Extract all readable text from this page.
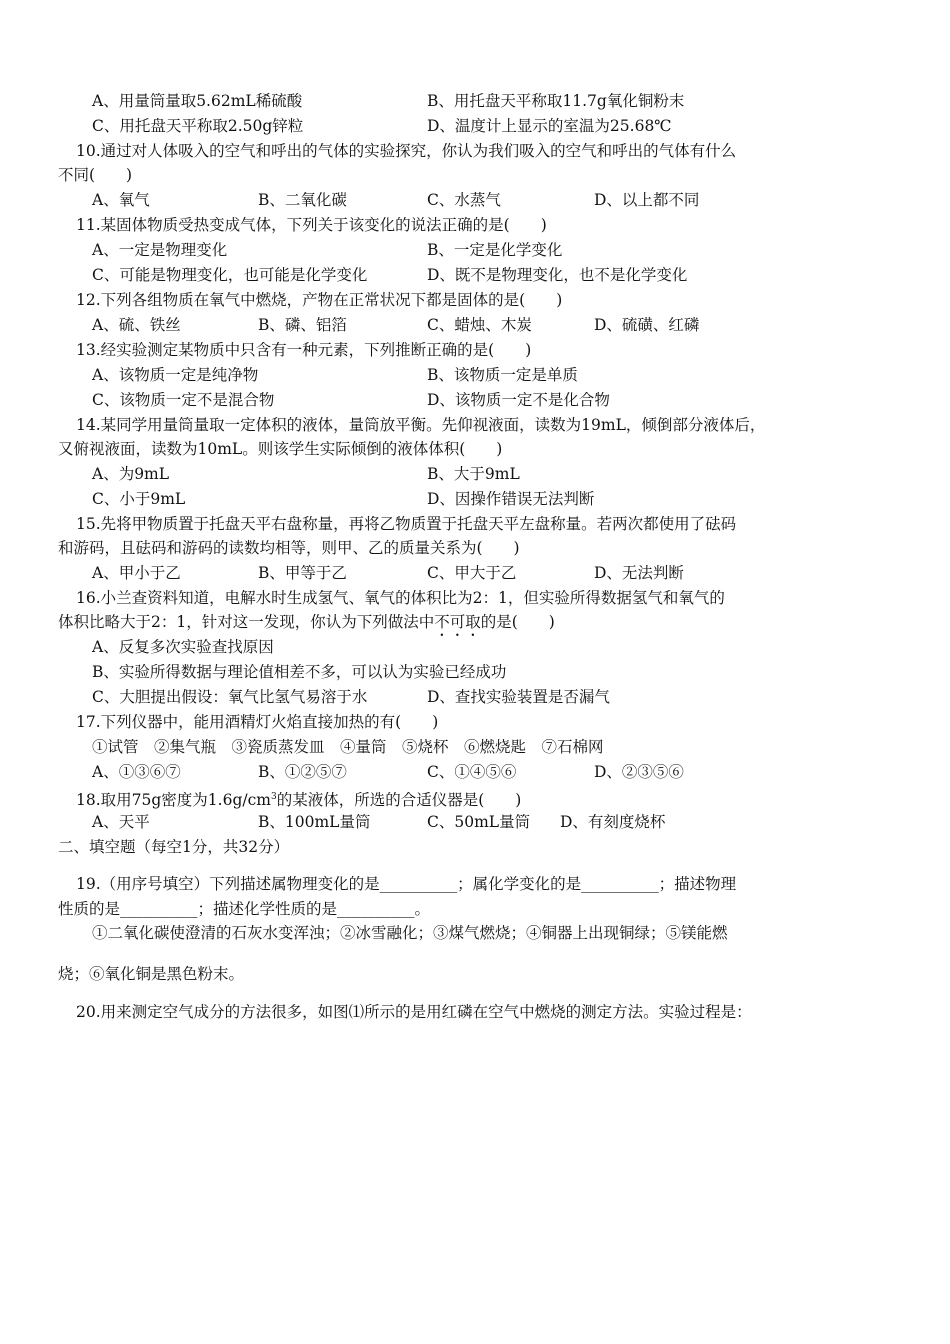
A、用量筒量取5.62mL稀硫酸	B、用托盘天平称取11.7g氧化铜粉末
C、用托盘天平称取2.50g锌粒	D、温度计上显示的室温为25.68℃
10.通过对人体吸入的空气和呼出的气体的实验探究，你认为我们吸入的空气和呼出的气体有什么
不同(　　)
A、氧气	B、二氧化碳	C、水蒸气	D、以上都不同
11.某固体物质受热变成气体，下列关于该变化的说法正确的是(　　)
A、一定是物理变化	B、一定是化学变化
C、可能是物理变化，也可能是化学变化	D、既不是物理变化，也不是化学变化
12.下列各组物质在氧气中燃烧，产物在正常状况下都是固体的是(　　)
A、硫、铁丝	B、磷、铝箔	C、蜡烛、木炭	D、硫磺、红磷
13.经实验测定某物质中只含有一种元素，下列推断正确的是(　　)
A、该物质一定是纯净物	B、该物质一定是单质
C、该物质一定不是混合物	D、该物质一定不是化合物
14.某同学用量筒量取一定体积的液体，量筒放平衡。先仰视液面，读数为19mL，倾倒部分液体后，
又俯视液面，读数为10mL。则该学生实际倾倒的液体体积(　　)
A、为9mL	B、大于9mL
C、小于9mL	D、因操作错误无法判断
15.先将甲物质置于托盘天平右盘称量，再将乙物质置于托盘天平左盘称量。若两次都使用了砝码
和游码，且砝码和游码的读数均相等，则甲、乙的质量关系为(　　)
A、甲小于乙	B、甲等于乙	C、甲大于乙	D、无法判断
16.小兰查资料知道，电解水时生成氢气、氧气的体积比为2：1，但实验所得数据氢气和氧气的
体积比略大于2：1，针对这一发现，你认为下列做法中不可取的是(　　)
A、反复多次实验查找原因
B、实验所得数据与理论值相差不多，可以认为实验已经成功
C、大胆提出假设：氧气比氢气易溶于水	D、查找实验装置是否漏气
17.下列仪器中，能用酒精灯火焰直接加热的有(　　)
①试管　②集气瓶　③瓷质蒸发皿　④量筒　⑤烧杯　⑥燃烧匙　⑦石棉网
A、①③⑥⑦	B、①②⑤⑦	C、①④⑤⑥	D、②③⑤⑥
18.取用75g密度为$1.6g/cm^3$的某液体，所选的合适仪器是(　　)
A、天平	B、100mL量筒	C、50mL量筒 D、有刻度烧杯
二、填空题（每空1分，共32分）
19.（用序号填空）下列描述属物理变化的是__________；属化学变化的是__________；描述物理
性质的是__________；描述化学性质的是__________。
①二氧化碳使澄清的石灰水变浑浊；②冰雪融化；③煤气燃烧；④铜器上出现铜绿；⑤镁能燃
烧；⑥氧化铜是黑色粉末。
20.用来测定空气成分的方法很多，如图⑴所示的是用红磷在空气中燃烧的测定方法。实验过程是：
